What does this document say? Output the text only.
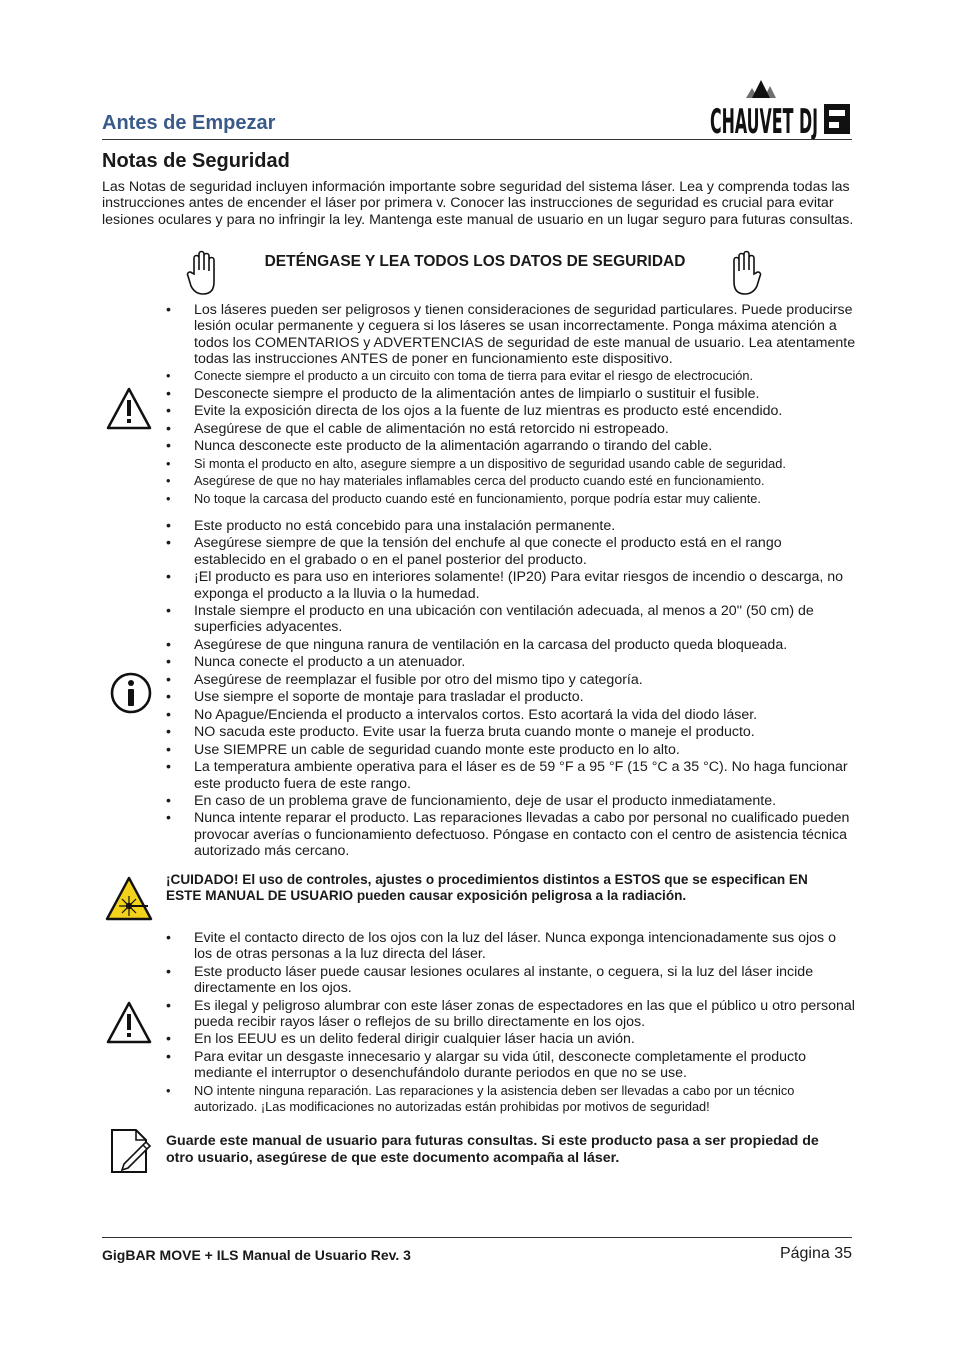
Antes de Empezar	CHAUVET DJ
Notas de Seguridad
Las Notas de seguridad incluyen información importante sobre seguridad del sistema láser. Lea y comprenda todas las instrucciones antes de encender el láser por primera v. Conocer las instrucciones de seguridad es crucial para evitar lesiones oculares y para no infringir la ley. Mantenga este manual de usuario en un lugar seguro para futuras consultas.
DETÉNGASE Y LEA TODOS LOS DATOS DE SEGURIDAD
• Los láseres pueden ser peligrosos y tienen consideraciones de seguridad particulares. Puede producirse lesión ocular permanente y ceguera si los láseres se usan incorrectamente. Ponga máxima atención a todos los COMENTARIOS y ADVERTENCIAS de seguridad de este manual de usuario. Lea atentamente todas las instrucciones ANTES de poner en funcionamiento este dispositivo.
• Conecte siempre el producto a un circuito con toma de tierra para evitar el riesgo de electrocución.
• Desconecte siempre el producto de la alimentación antes de limpiarlo o sustituir el fusible.
• Evite la exposición directa de los ojos a la fuente de luz mientras es producto esté encendido.
• Asegúrese de que el cable de alimentación no está retorcido ni estropeado.
• Nunca desconecte este producto de la alimentación agarrando o tirando del cable.
• Si monta el producto en alto, asegure siempre a un dispositivo de seguridad usando cable de seguridad.
• Asegúrese de que no hay materiales inflamables cerca del producto cuando esté en funcionamiento.
• No toque la carcasa del producto cuando esté en funcionamiento, porque podría estar muy caliente.
• Este producto no está concebido para una instalación permanente.
• Asegúrese siempre de que la tensión del enchufe al que conecte el producto está en el rango establecido en el grabado o en el panel posterior del producto.
• ¡El producto es para uso en interiores solamente! (IP20) Para evitar riesgos de incendio o descarga, no exponga el producto a la lluvia o la humedad.
• Instale siempre el producto en una ubicación con ventilación adecuada, al menos a 20'' (50 cm) de superficies adyacentes.
• Asegúrese de que ninguna ranura de ventilación en la carcasa del producto queda bloqueada.
• Nunca conecte el producto a un atenuador.
• Asegúrese de reemplazar el fusible por otro del mismo tipo y categoría.
• Use siempre el soporte de montaje para trasladar el producto.
• No Apague/Encienda el producto a intervalos cortos. Esto acortará la vida del diodo láser.
• NO sacuda este producto. Evite usar la fuerza bruta cuando monte o maneje el producto.
• Use SIEMPRE un cable de seguridad cuando monte este producto en lo alto.
• La temperatura ambiente operativa para el láser es de 59 °F a 95 °F (15 °C a 35 °C). No haga funcionar este producto fuera de este rango.
• En caso de un problema grave de funcionamiento, deje de usar el producto inmediatamente.
• Nunca intente reparar el producto. Las reparaciones llevadas a cabo por personal no cualificado pueden provocar averías o funcionamiento defectuoso. Póngase en contacto con el centro de asistencia técnica autorizado más cercano.
¡CUIDADO! El uso de controles, ajustes o procedimientos distintos a ESTOS que se especifican EN ESTE MANUAL DE USUARIO pueden causar exposición peligrosa a la radiación.
• Evite el contacto directo de los ojos con la luz del láser. Nunca exponga intencionadamente sus ojos o los de otras personas a la luz directa del láser.
• Este producto láser puede causar lesiones oculares al instante, o ceguera, si la luz del láser incide directamente en los ojos.
• Es ilegal y peligroso alumbrar con este láser zonas de espectadores en las que el público u otro personal pueda recibir rayos láser o reflejos de su brillo directamente en los ojos.
• En los EEUU es un delito federal dirigir cualquier láser hacia un avión.
• Para evitar un desgaste innecesario y alargar su vida útil, desconecte completamente el producto mediante el interruptor o desenchufándolo durante periodos en que no se use.
• NO intente ninguna reparación. Las reparaciones y la asistencia deben ser llevadas a cabo por un técnico autorizado. ¡Las modificaciones no autorizadas están prohibidas por motivos de seguridad!
Guarde este manual de usuario para futuras consultas. Si este producto pasa a ser propiedad de otro usuario, asegúrese de que este documento acompaña al láser.
GigBAR MOVE + ILS Manual de Usuario Rev. 3	Página 35
